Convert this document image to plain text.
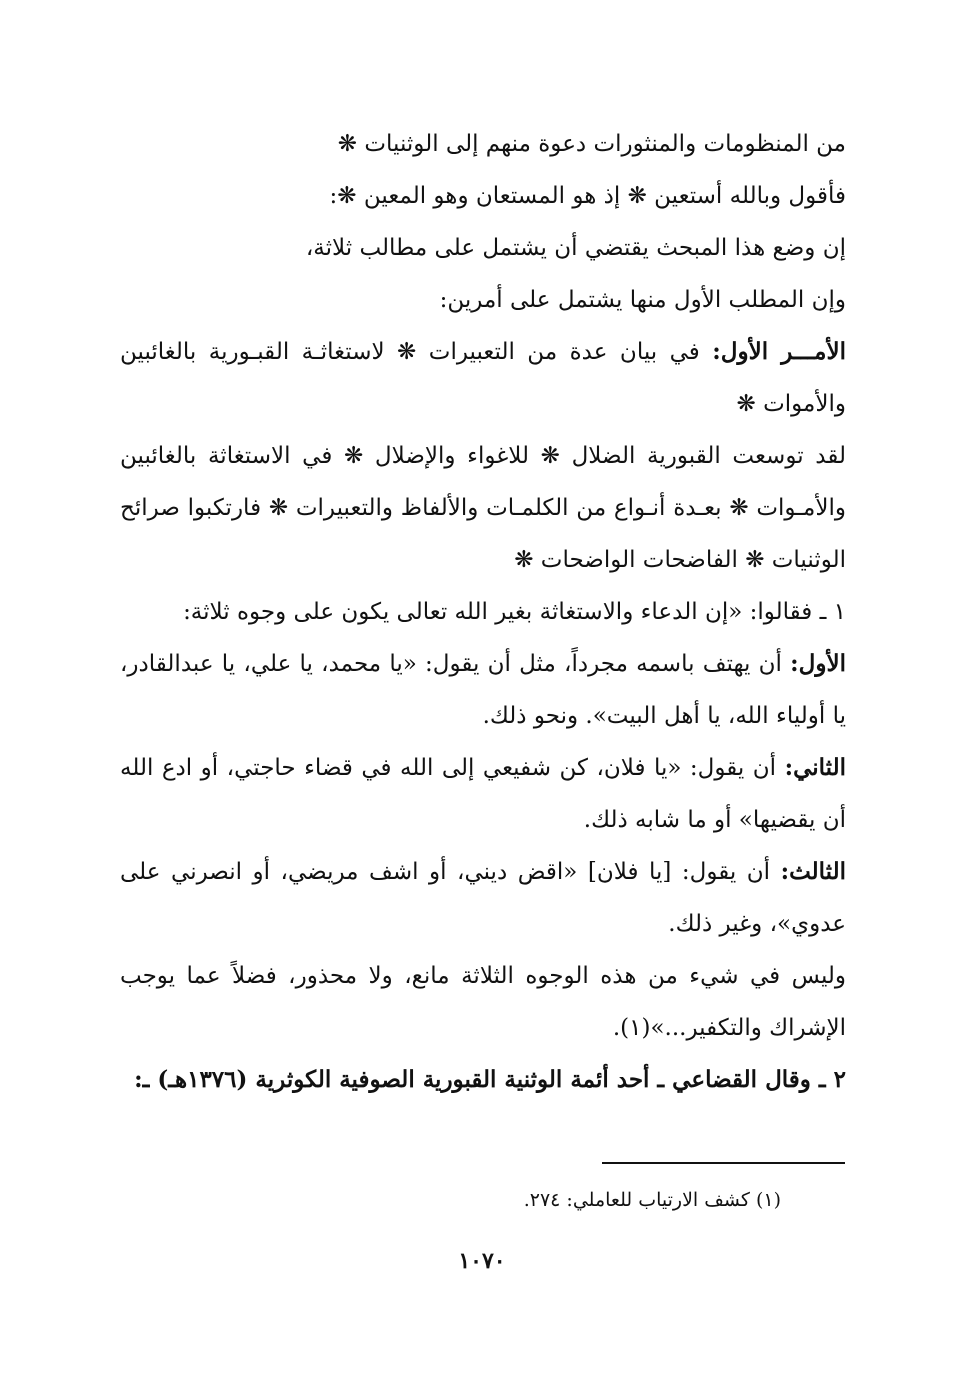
من المنظومات والمنثورات دعوة منهم إلى الوثنيات ❋

فأقول وبالله أستعين ❋ إذ هو المستعان وهو المعين ❋:

إن وضع هذا المبحث يقتضي أن يشتمل على مطالب ثلاثة،

وإن المطلب الأول منها يشتمل على أمرين:

الأمـــر الأول: في بيان عدة من التعبيرات ❋ لاستغاثـة القبـورية بالغائبين والأموات ❋

لقد توسعت القبورية الضلال ❋ للاغواء والإضلال ❋ في الاستغاثة بالغائبين والأمـوات ❋ بعـدة أنـواع من الكلمـات والألفاظ والتعبيرات ❋ فارتكبوا صرائح الوثنيات ❋ الفاضحات الواضحات ❋

١ ـ فقالوا: «إن الدعاء والاستغاثة بغير الله تعالى يكون على وجوه ثلاثة:

الأول: أن يهتف باسمه مجرداً، مثل أن يقول: «يا محمد، يا علي، يا عبدالقادر، يا أولياء الله، يا أهل البيت». ونحو ذلك.

الثاني: أن يقول: «يا فلان، كن شفيعي إلى الله في قضاء حاجتي، أو ادع الله أن يقضيها» أو ما شابه ذلك.

الثالث: أن يقول: [يا فلان] «اقض ديني، أو اشف مريضي، أو انصرني على عدوي»، وغير ذلك.

وليس في شيء من هذه الوجوه الثلاثة مانع، ولا محذور، فضلاً عما يوجب الإشراك والتكفير...»(١).

٢ ـ وقال القضاعي ـ أحد أئمة الوثنية القبورية الصوفية الكوثرية (١٣٧٦هـ) ـ:

(١) كشف الارتياب للعاملي: ٢٧٤.
١٠٧٠
